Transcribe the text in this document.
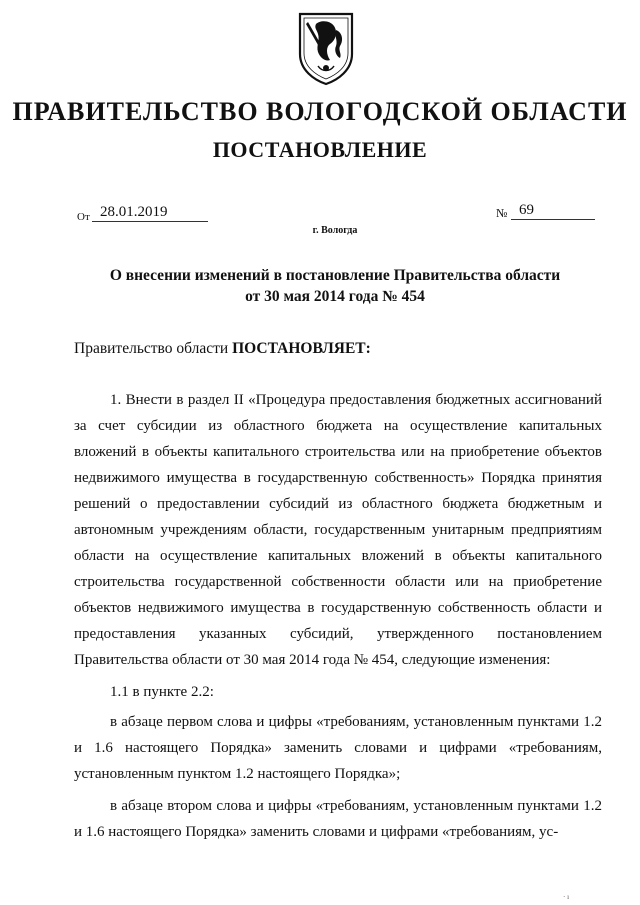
ПРАВИТЕЛЬСТВО ВОЛОГОДСКОЙ ОБЛАСТИ
ПОСТАНОВЛЕНИЕ
От 28.01.2019	№ 69
г. Вологда
О внесении изменений в постановление Правительства области
от 30 мая 2014 года № 454
Правительство области ПОСТАНОВЛЯЕТ:

1. Внести в раздел II «Процедура предоставления бюджетных ассигнований за счет субсидии из областного бюджета на осуществление капитальных вложений в объекты капитального строительства или на приобретение объектов недвижимого имущества в государственную собственность» Порядка принятия решений о предоставлении субсидий из областного бюджета бюджетным и автономным учреждениям области, государственным унитарным предприятиям области на осуществление капитальных вложений в объекты капитального строительства государственной собственности области или на приобретение объектов недвижимого имущества в государственную собственность области и предоставления указанных субсидий, утвержденного постановлением Правительства области от 30 мая 2014 года № 454, следующие изменения:

1.1 в пункте 2.2:

в абзаце первом слова и цифры «требованиям, установленным пунктами 1.2 и 1.6 настоящего Порядка» заменить словами и цифрами «требованиям, установленным пунктом 1.2 настоящего Порядка»;

в абзаце втором слова и цифры «требованиям, установленным пунктами 1.2 и 1.6 настоящего Порядка» заменить словами и цифрами «требованиям, ус-

· ı
